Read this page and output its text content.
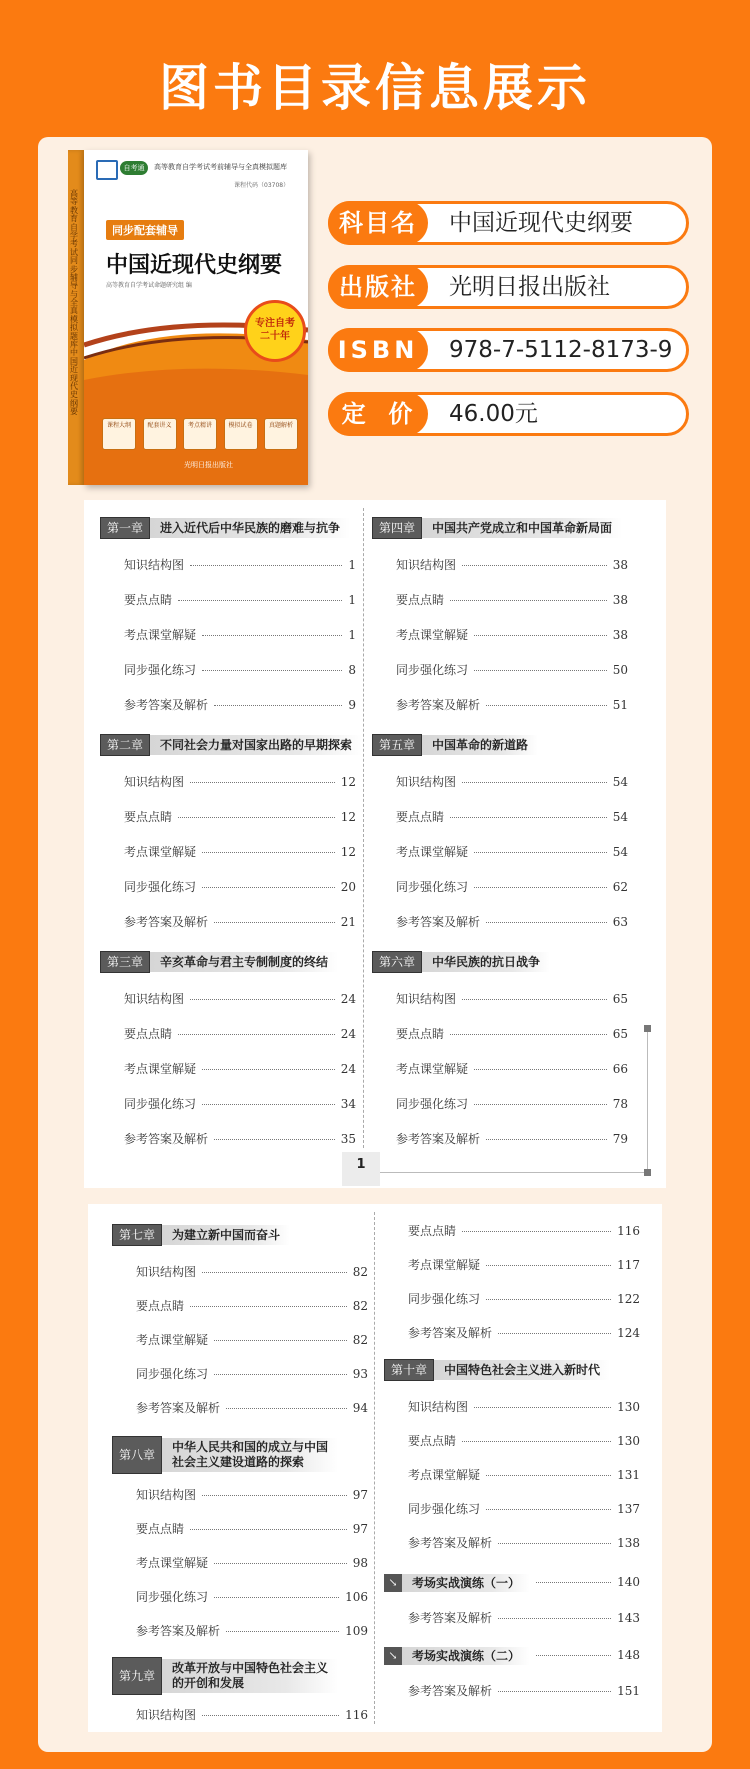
图书目录信息展示
高等教育自学考试同步辅导与全真模拟题库中国近现代史纲要
自考通	高等教育自学考试考前辅导与全真模拟题库
课程代码（03708）
同步配套辅导
中国近现代史纲要
高等教育自学考试命题研究组 编
专注自考
二十年
课程大纲	配套讲义	考点精讲	模拟试卷	真题解析
光明日报出版社
科目名	中国近现代史纲要
出版社	光明日报出版社
ISBN	978-7-5112-8173-9
定  价	46.00元
1
第一章	进入近代后中华民族的磨难与抗争
知识结构图	1
要点点睛	1
考点课堂解疑	1
同步强化练习	8
参考答案及解析	9
第二章	不同社会力量对国家出路的早期探索
知识结构图	12
要点点睛	12
考点课堂解疑	12
同步强化练习	20
参考答案及解析	21
第三章	辛亥革命与君主专制制度的终结
知识结构图	24
要点点睛	24
考点课堂解疑	24
同步强化练习	34
参考答案及解析	35
第四章	中国共产党成立和中国革命新局面
知识结构图	38
要点点睛	38
考点课堂解疑	38
同步强化练习	50
参考答案及解析	51
第五章	中国革命的新道路
知识结构图	54
要点点睛	54
考点课堂解疑	54
同步强化练习	62
参考答案及解析	63
第六章	中华民族的抗日战争
知识结构图	65
要点点睛	65
考点课堂解疑	66
同步强化练习	78
参考答案及解析	79
第七章	为建立新中国而奋斗
知识结构图	82
要点点睛	82
考点课堂解疑	82
同步强化练习	93
参考答案及解析	94
第八章
中华人民共和国的成立与中国
社会主义建设道路的探索
知识结构图	97
要点点睛	97
考点课堂解疑	98
同步强化练习	106
参考答案及解析	109
第九章
改革开放与中国特色社会主义
的开创和发展
知识结构图	116
要点点睛	116
考点课堂解疑	117
同步强化练习	122
参考答案及解析	124
第十章	中国特色社会主义进入新时代
知识结构图	130
要点点睛	130
考点课堂解疑	131
同步强化练习	137
参考答案及解析	138
↘	考场实战演练（一）	140
参考答案及解析	143
↘	考场实战演练（二）	148
参考答案及解析	151
